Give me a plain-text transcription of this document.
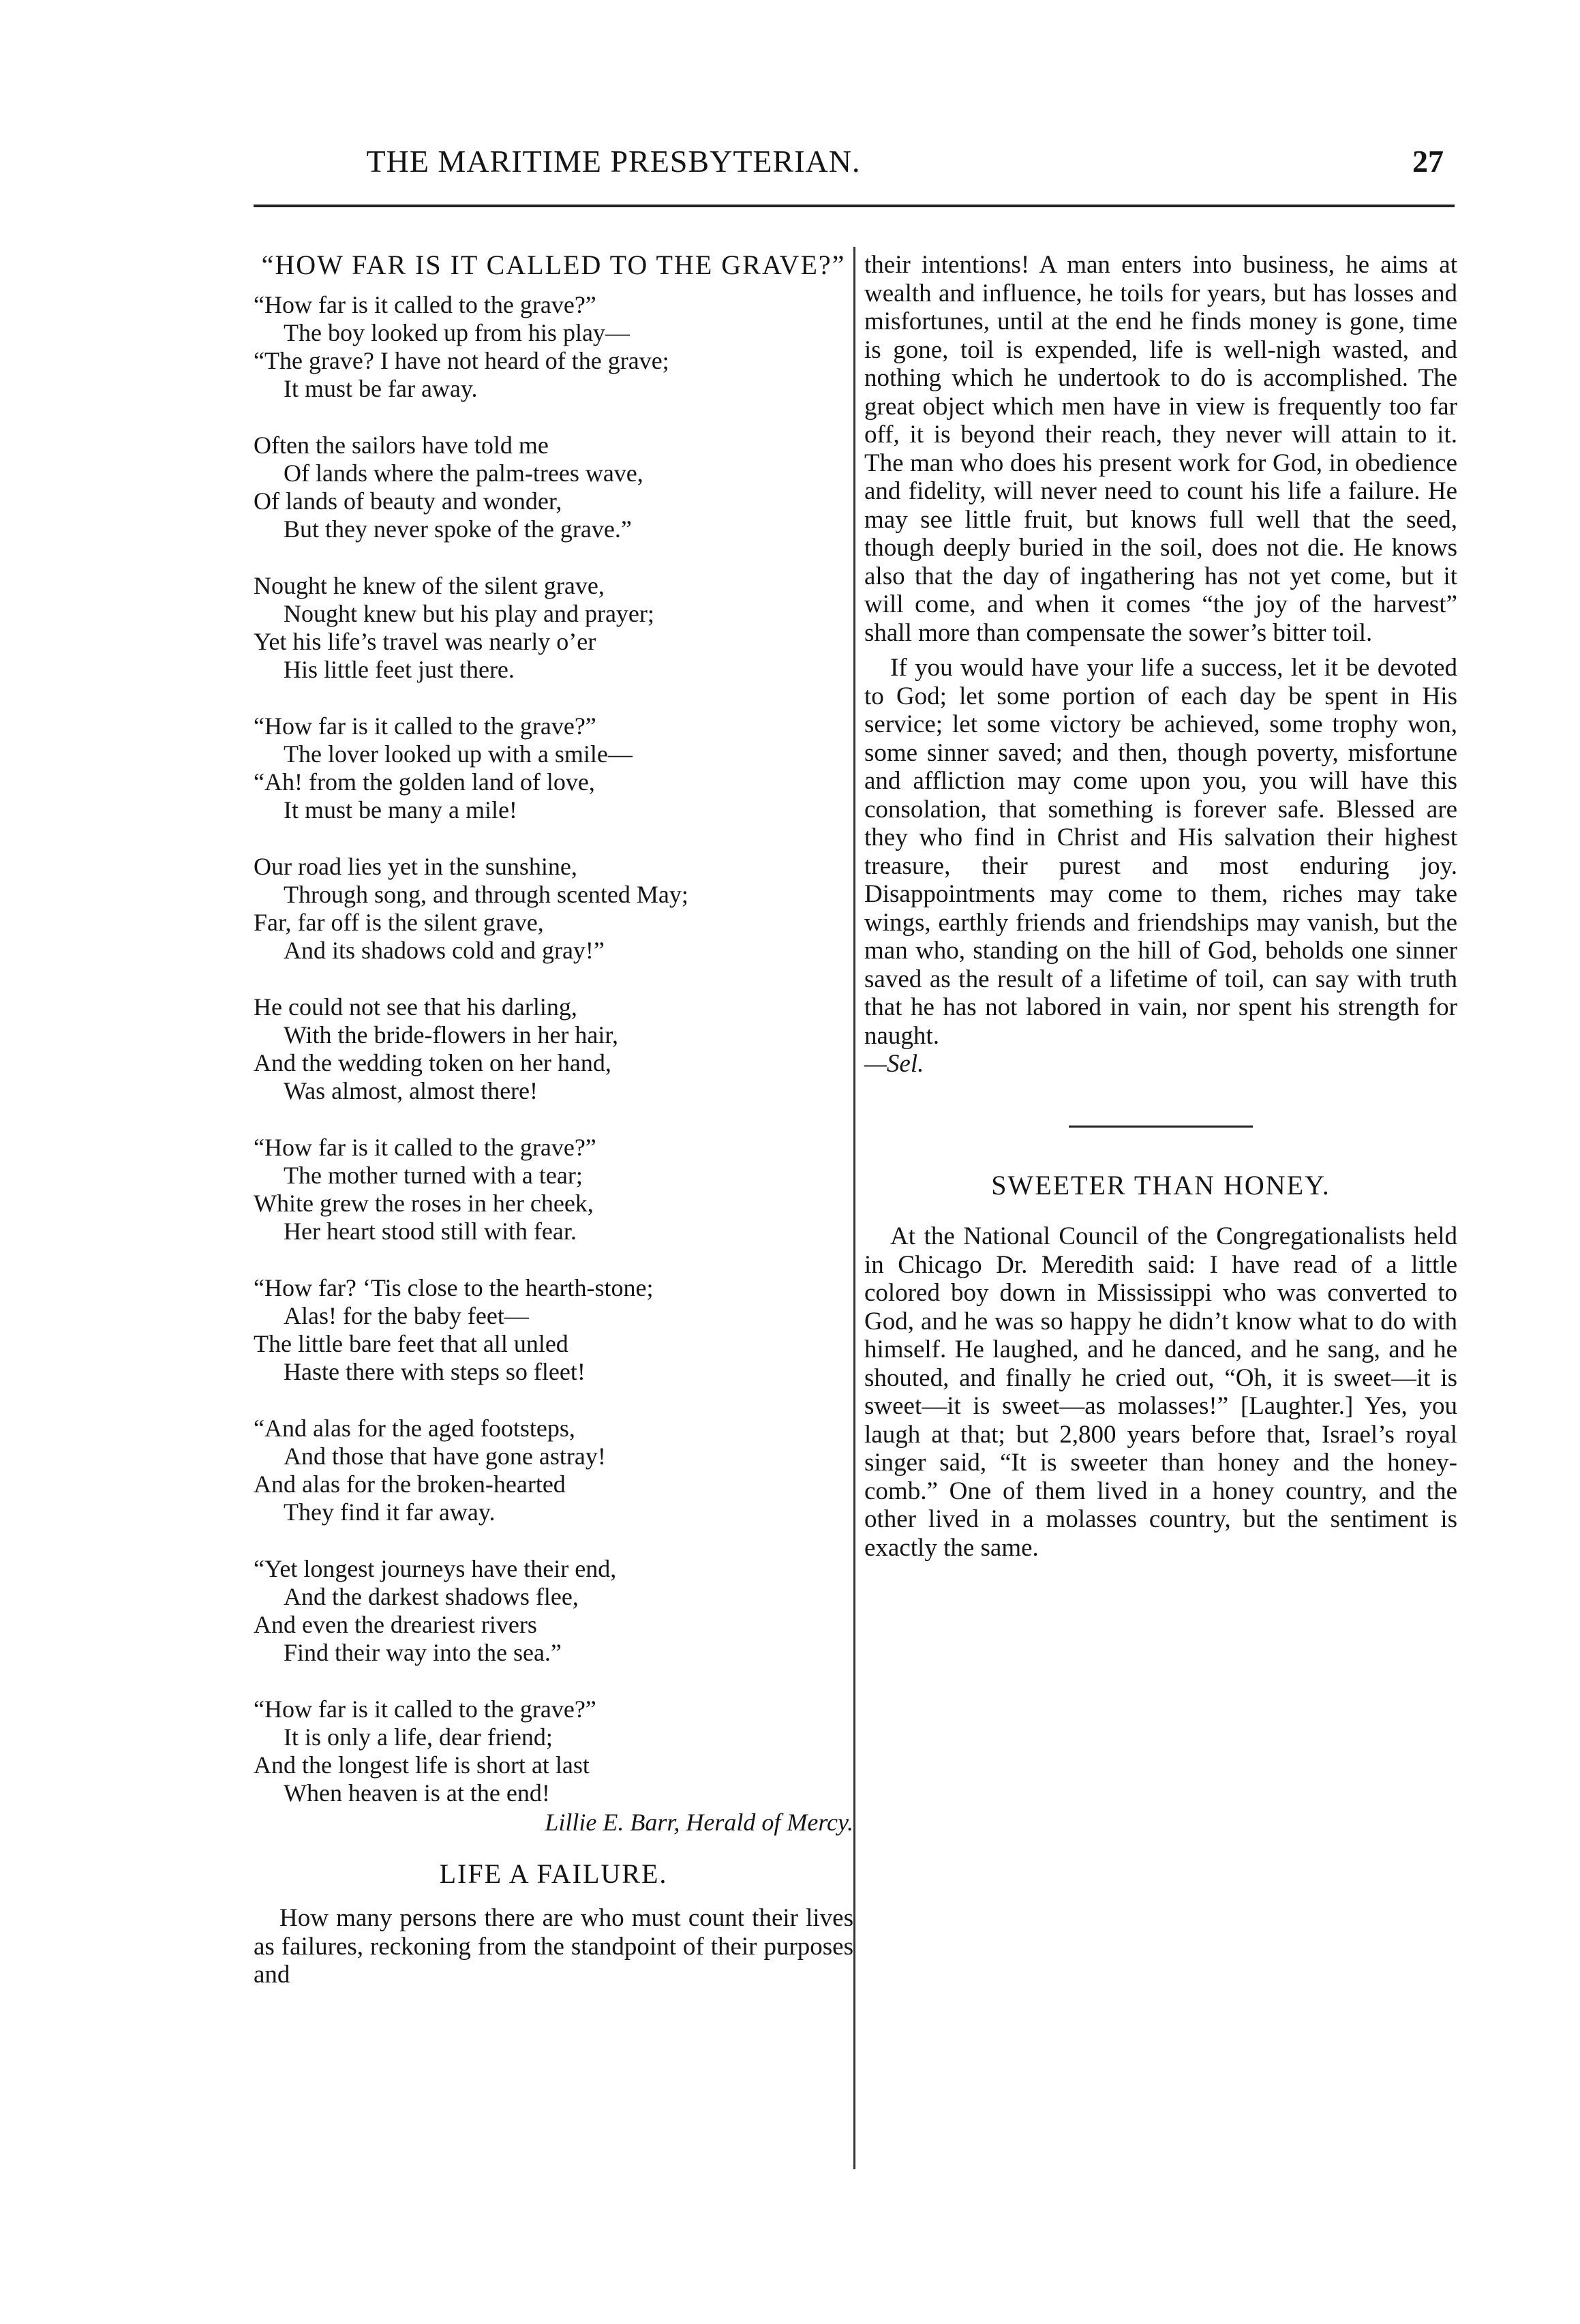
THE MARITIME PRESBYTERIAN.	27
“HOW FAR IS IT CALLED TO THE GRAVE?”
“How far is it called to the grave?”
The boy looked up from his play—
“The grave? I have not heard of the grave;
It must be far away.
Often the sailors have told me
Of lands where the palm-trees wave,
Of lands of beauty and wonder,
But they never spoke of the grave.”
Nought he knew of the silent grave,
Nought knew but his play and prayer;
Yet his life’s travel was nearly o’er
His little feet just there.
“How far is it called to the grave?”
The lover looked up with a smile—
“Ah! from the golden land of love,
It must be many a mile!
Our road lies yet in the sunshine,
Through song, and through scented May;
Far, far off is the silent grave,
And its shadows cold and gray!”
He could not see that his darling,
With the bride-flowers in her hair,
And the wedding token on her hand,
Was almost, almost there!
“How far is it called to the grave?”
The mother turned with a tear;
White grew the roses in her cheek,
Her heart stood still with fear.
“How far? ‘Tis close to the hearth-stone;
Alas! for the baby feet—
The little bare feet that all unled
Haste there with steps so fleet!
“And alas for the aged footsteps,
And those that have gone astray!
And alas for the broken-hearted
They find it far away.
“Yet longest journeys have their end,
And the darkest shadows flee,
And even the dreariest rivers
Find their way into the sea.”
“How far is it called to the grave?”
It is only a life, dear friend;
And the longest life is short at last
When heaven is at the end!
Lillie E. Barr, Herald of Mercy.
LIFE A FAILURE.

How many persons there are who must count their lives as failures, reckoning from the standpoint of their purposes and

their intentions! A man enters into business, he aims at wealth and influence, he toils for years, but has losses and misfortunes, until at the end he finds money is gone, time is gone, toil is expended, life is well-nigh wasted, and nothing which he undertook to do is accomplished. The great object which men have in view is frequently too far off, it is beyond their reach, they never will attain to it. The man who does his present work for God, in obedience and fidelity, will never need to count his life a failure. He may see little fruit, but knows full well that the seed, though deeply buried in the soil, does not die. He knows also that the day of ingathering has not yet come, but it will come, and when it comes “the joy of the harvest” shall more than compensate the sower’s bitter toil.

If you would have your life a success, let it be devoted to God; let some portion of each day be spent in His service; let some victory be achieved, some trophy won, some sinner saved; and then, though poverty, misfortune and affliction may come upon you, you will have this consolation, that something is forever safe. Blessed are they who find in Christ and His salvation their highest treasure, their purest and most enduring joy. Disappointments may come to them, riches may take wings, earthly friends and friendships may vanish, but the man who, standing on the hill of God, beholds one sinner saved as the result of a lifetime of toil, can say with truth that he has not labored in vain, nor spent his strength for naught.

—Sel.
SWEETER THAN HONEY.

At the National Council of the Congregationalists held in Chicago Dr. Meredith said: I have read of a little colored boy down in Mississippi who was converted to God, and he was so happy he didn’t know what to do with himself. He laughed, and he danced, and he sang, and he shouted, and finally he cried out, “Oh, it is sweet—it is sweet—it is sweet—as molasses!” [Laughter.] Yes, you laugh at that; but 2,800 years before that, Israel’s royal singer said, “It is sweeter than honey and the honey-comb.” One of them lived in a honey country, and the other lived in a molasses country, but the sentiment is exactly the same.
